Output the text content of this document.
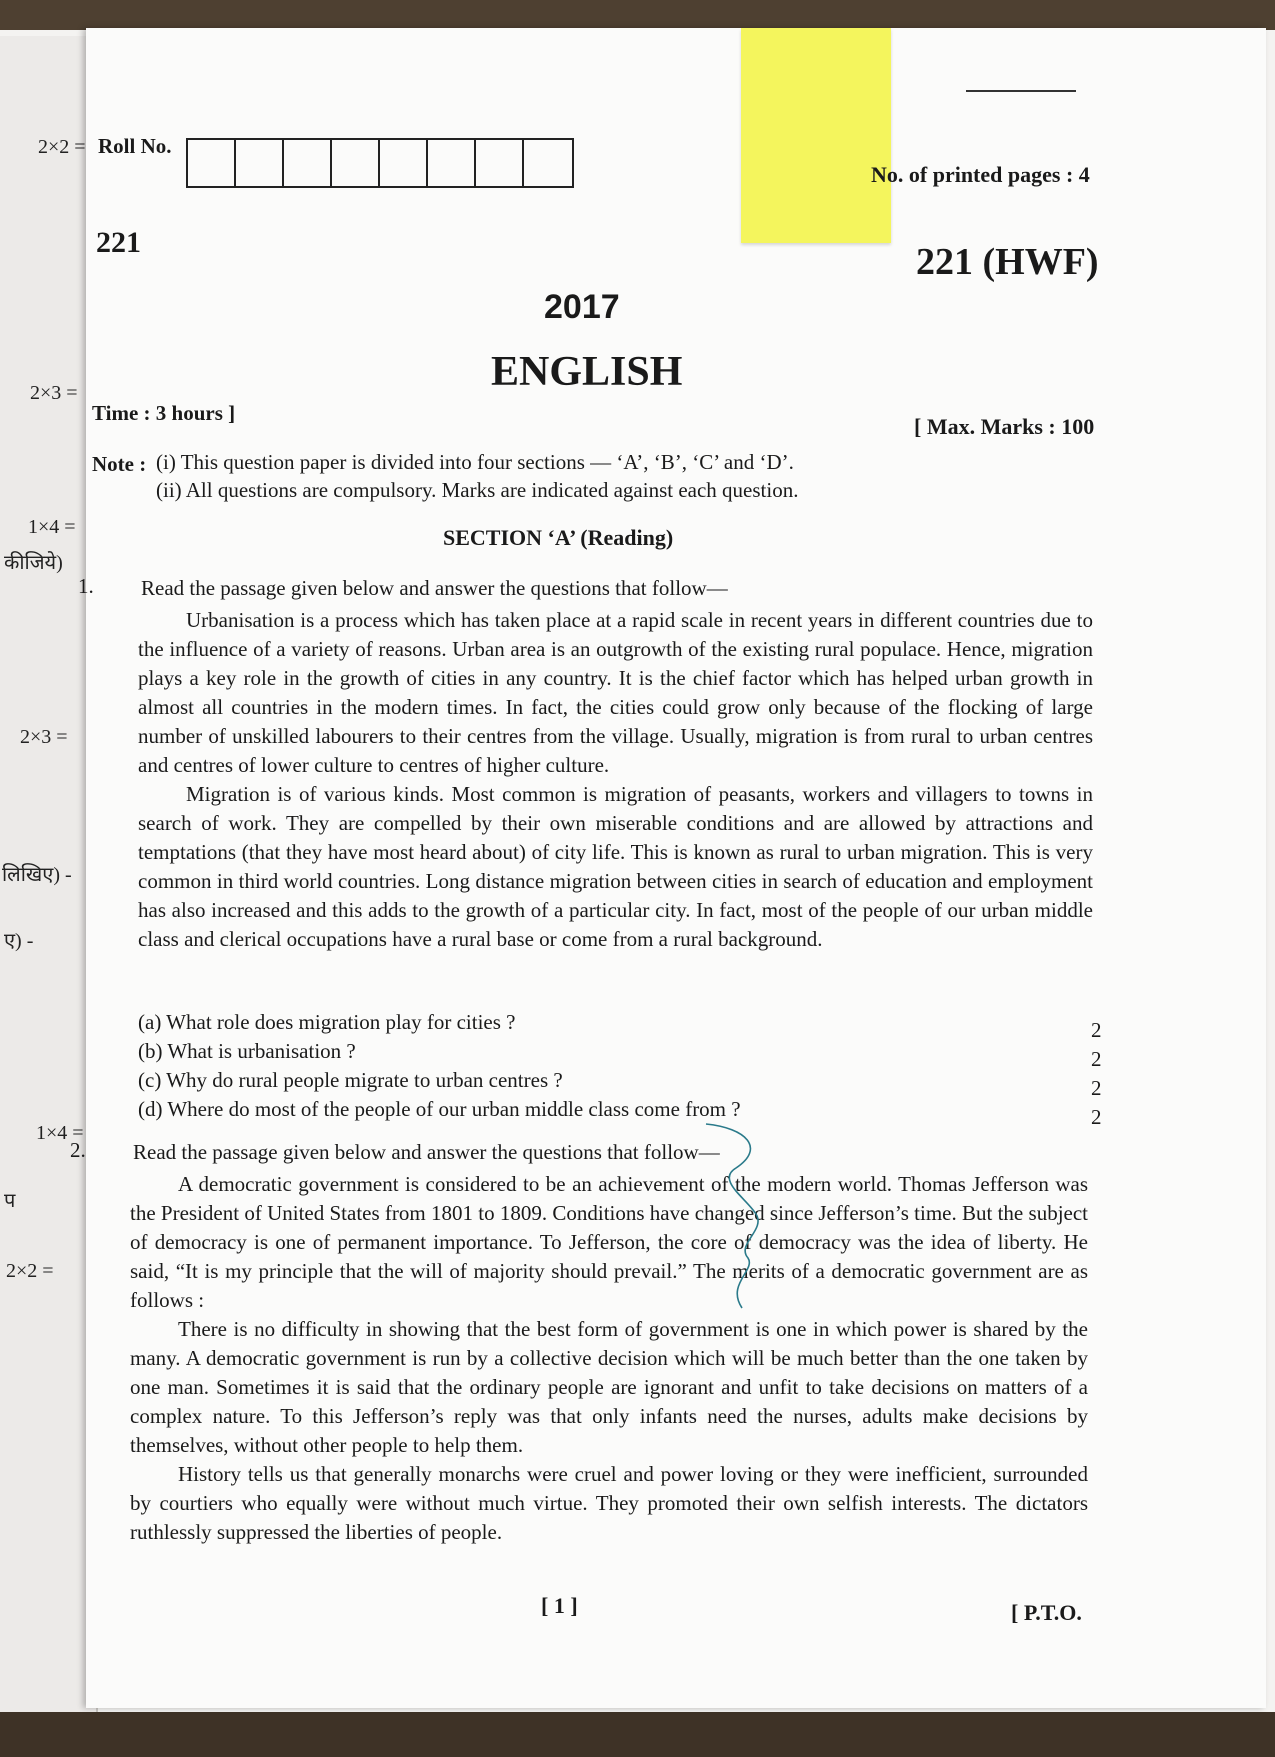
2×2 =
2×3 =
1×4 =
कीजिये)
2×3 =
लिखिए) -
ए) -
1×4 =
प
2×2 =
Roll No.
No. of printed pages : 4
221	221 (HWF)
2017
ENGLISH
Time : 3 hours ]
[ Max. Marks : 100
Note : (i) This question paper is divided into four sections — ‘A’, ‘B’, ‘C’ and ‘D’.
(ii) All questions are compulsory. Marks are indicated against each question.
SECTION ‘A’ (Reading)
1. Read the passage given below and answer the questions that follow—

Urbanisation is a process which has taken place at a rapid scale in recent years in different countries due to the influence of a variety of reasons. Urban area is an outgrowth of the existing rural populace. Hence, migration plays a key role in the growth of cities in any country. It is the chief factor which has helped urban growth in almost all countries in the modern times. In fact, the cities could grow only because of the flocking of large number of unskilled labourers to their centres from the village. Usually, migration is from rural to urban centres and centres of lower culture to centres of higher culture.

Migration is of various kinds. Most common is migration of peasants, workers and villagers to towns in search of work. They are compelled by their own miserable conditions and are allowed by attractions and temptations (that they have most heard about) of city life. This is known as rural to urban migration. This is very common in third world countries. Long distance migration between cities in search of education and employment has also increased and this adds to the growth of a particular city. In fact, most of the people of our urban middle class and clerical occupations have a rural base or come from a rural background.

(a) What role does migration play for cities ?	2
(b) What is urbanisation ?	2
(c) Why do rural people migrate to urban centres ?	2
(d) Where do most of the people of our urban middle class come from ?	2
2. Read the passage given below and answer the questions that follow—

A democratic government is considered to be an achievement of the modern world. Thomas Jefferson was the President of United States from 1801 to 1809. Conditions have changed since Jefferson’s time. But the subject of democracy is one of permanent importance. To Jefferson, the core of democracy was the idea of liberty. He said, “It is my principle that the will of majority should prevail.” The merits of a democratic government are as follows :

There is no difficulty in showing that the best form of government is one in which power is shared by the many. A democratic government is run by a collective decision which will be much better than the one taken by one man. Sometimes it is said that the ordinary people are ignorant and unfit to take decisions on matters of a complex nature. To this Jefferson’s reply was that only infants need the nurses, adults make decisions by themselves, without other people to help them.

History tells us that generally monarchs were cruel and power loving or they were inefficient, surrounded by courtiers who equally were without much virtue. They promoted their own selfish interests. The dictators ruthlessly suppressed the liberties of people.

[ 1 ]	[ P.T.O.
